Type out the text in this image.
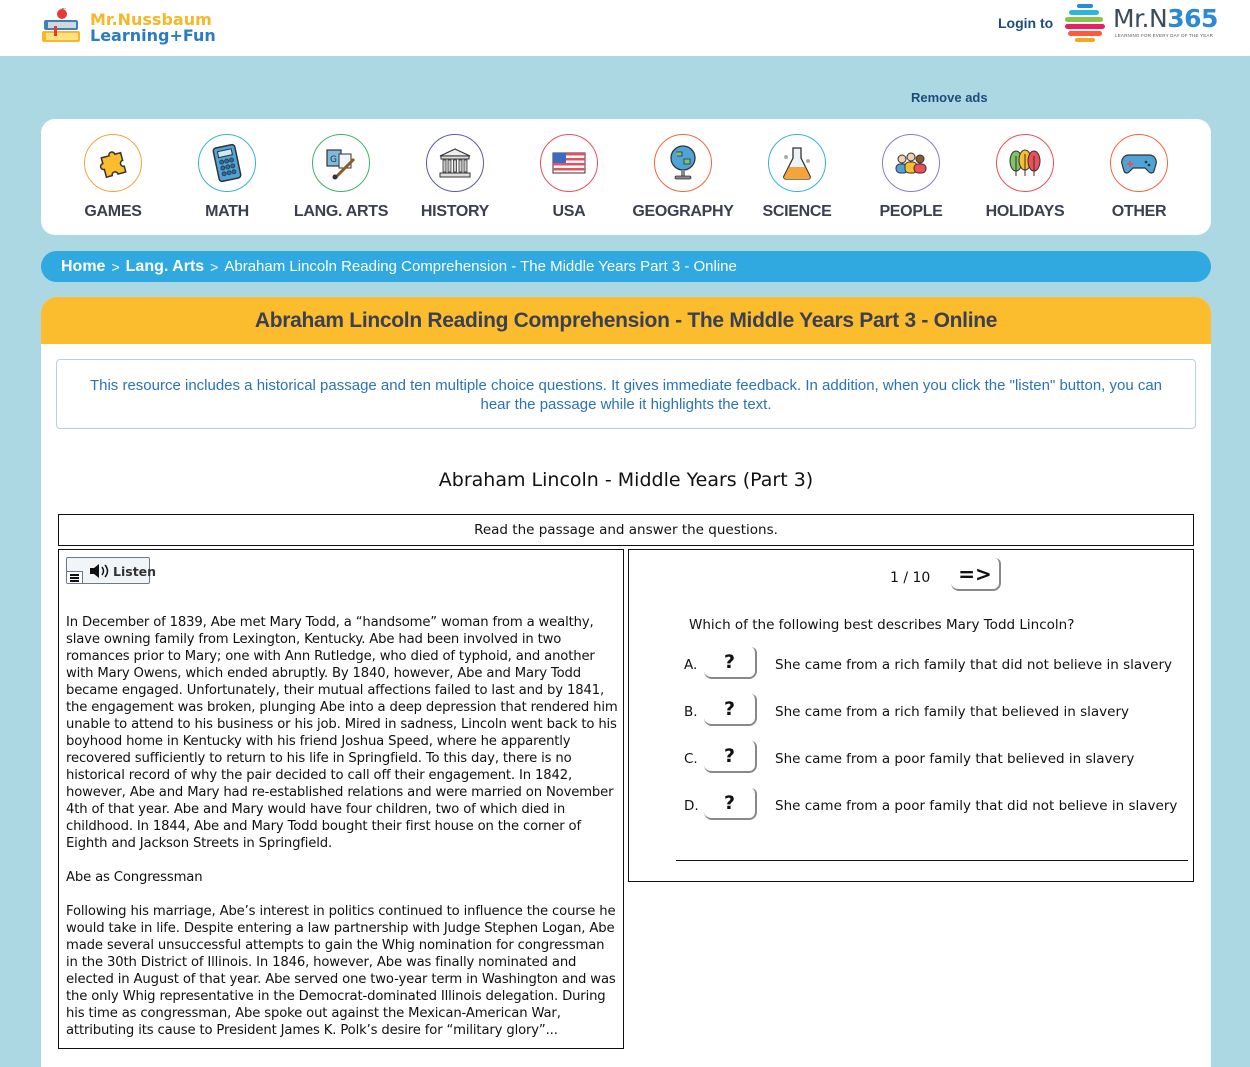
Mr.Nussbaum
Learning+Fun
Login to Mr.N365
LEARNING FOR EVERY DAY OF THE YEAR
Remove ads
GAMES	MATH
G
LANG. ARTS	HISTORY	USA	GEOGRAPHY	SCIENCE	PEOPLE	HOLIDAYS	OTHER
Home > Lang. Arts > Abraham Lincoln Reading Comprehension - The Middle Years Part 3 - Online
Abraham Lincoln Reading Comprehension - The Middle Years Part 3 - Online
This resource includes a historical passage and ten multiple choice questions. It gives immediate feedback. In addition, when you click the "listen" button, you can hear the passage while it highlights the text.
Abraham Lincoln - Middle Years (Part 3)
Read the passage and answer the questions.
Listen

In December of 1839, Abe met Mary Todd, a “handsome” woman from a wealthy, slave owning family from Lexington, Kentucky. Abe had been involved in two romances prior to Mary; one with Ann Rutledge, who died of typhoid, and another with Mary Owens, which ended abruptly. By 1840, however, Abe and Mary Todd became engaged. Unfortunately, their mutual affections failed to last and by 1841, the engagement was broken, plunging Abe into a deep depression that rendered him unable to attend to his business or his job. Mired in sadness, Lincoln went back to his boyhood home in Kentucky with his friend Joshua Speed, where he apparently recovered sufficiently to return to his life in Springfield. To this day, there is no historical record of why the pair decided to call off their engagement. In 1842, however, Abe and Mary had re-established relations and were married on November 4th of that year. Abe and Mary would have four children, two of which died in childhood. In 1844, Abe and Mary Todd bought their first house on the corner of Eighth and Jackson Streets in Springfield.

Abe as Congressman

Following his marriage, Abe’s interest in politics continued to influence the course he would take in life. Despite entering a law partnership with Judge Stephen Logan, Abe made several unsuccessful attempts to gain the Whig nomination for congressman in the 30th District of Illinois. In 1846, however, Abe was finally nominated and elected in August of that year. Abe served one two-year term in Washington and was the only Whig representative in the Democrat-dominated Illinois delegation. During his time as congressman, Abe spoke out against the Mexican-American War, attributing its cause to President James K. Polk’s desire for “military glory”...

1 / 10	=>
Which of the following best describes Mary Todd Lincoln?
A.	?	She came from a rich family that did not believe in slavery
B.	?	She came from a rich family that believed in slavery
C.	?	She came from a poor family that believed in slavery
D.	?	She came from a poor family that did not believe in slavery
